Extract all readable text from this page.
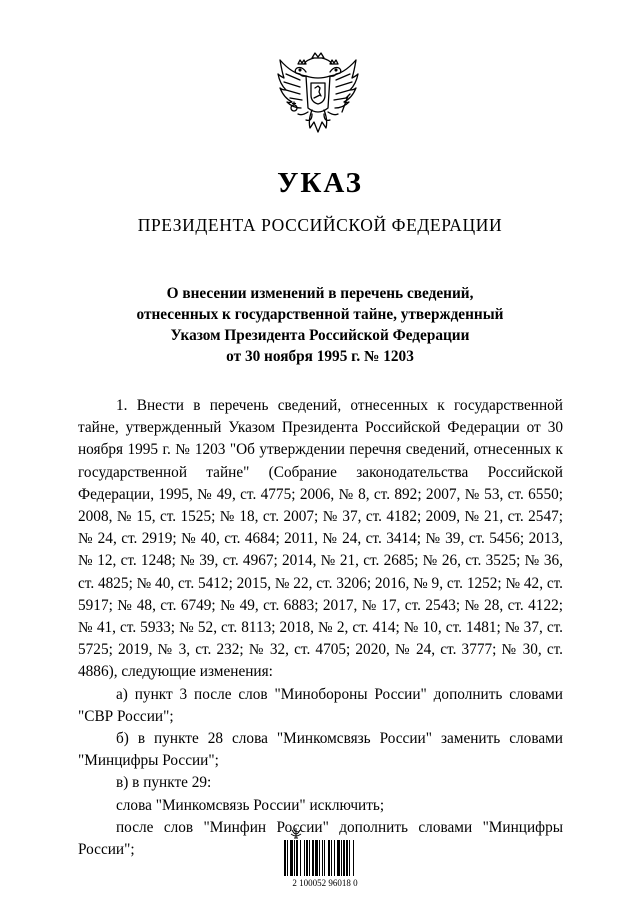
УКАЗ
ПРЕЗИДЕНТА РОССИЙСКОЙ ФЕДЕРАЦИИ
О внесении изменений в перечень сведений,
отнесенных к государственной тайне, утвержденный
Указом Президента Российской Федерации
от 30 ноября 1995 г. № 1203

1. Внести в перечень сведений, отнесенных к государственной тайне, утвержденный Указом Президента Российской Федерации от 30 ноября 1995 г. № 1203 "Об утверждении перечня сведений, отнесенных к государственной тайне" (Собрание законодательства Российской Федерации, 1995, № 49, ст. 4775; 2006, № 8, ст. 892; 2007, № 53, ст. 6550; 2008, № 15, ст. 1525; № 18, ст. 2007; № 37, ст. 4182; 2009, № 21, ст. 2547; № 24, ст. 2919; № 40, ст. 4684; 2011, № 24, ст. 3414; № 39, ст. 5456; 2013, № 12, ст. 1248; № 39, ст. 4967; 2014, № 21, ст. 2685; № 26, ст. 3525; № 36, ст. 4825; № 40, ст. 5412; 2015, № 22, ст. 3206; 2016, № 9, ст. 1252; № 42, ст. 5917; № 48, ст. 6749; № 49, ст. 6883; 2017, № 17, ст. 2543; № 28, ст. 4122; № 41, ст. 5933; № 52, ст. 8113; 2018, № 2, ст. 414; № 10, ст. 1481; № 37, ст. 5725; 2019, № 3, ст. 232; № 32, ст. 4705; 2020, № 24, ст. 3777; № 30, ст. 4886), следующие изменения:

а) пункт 3 после слов "Минобороны России" дополнить словами "СВР России";

б) в пункте 28 слова "Минкомсвязь России" заменить словами "Минцифры России";

в) в пункте 29:

слова "Минкомсвязь России" исключить;

после слов "Минфин России" дополнить словами "Минцифры России";

2 100052 96018 0
